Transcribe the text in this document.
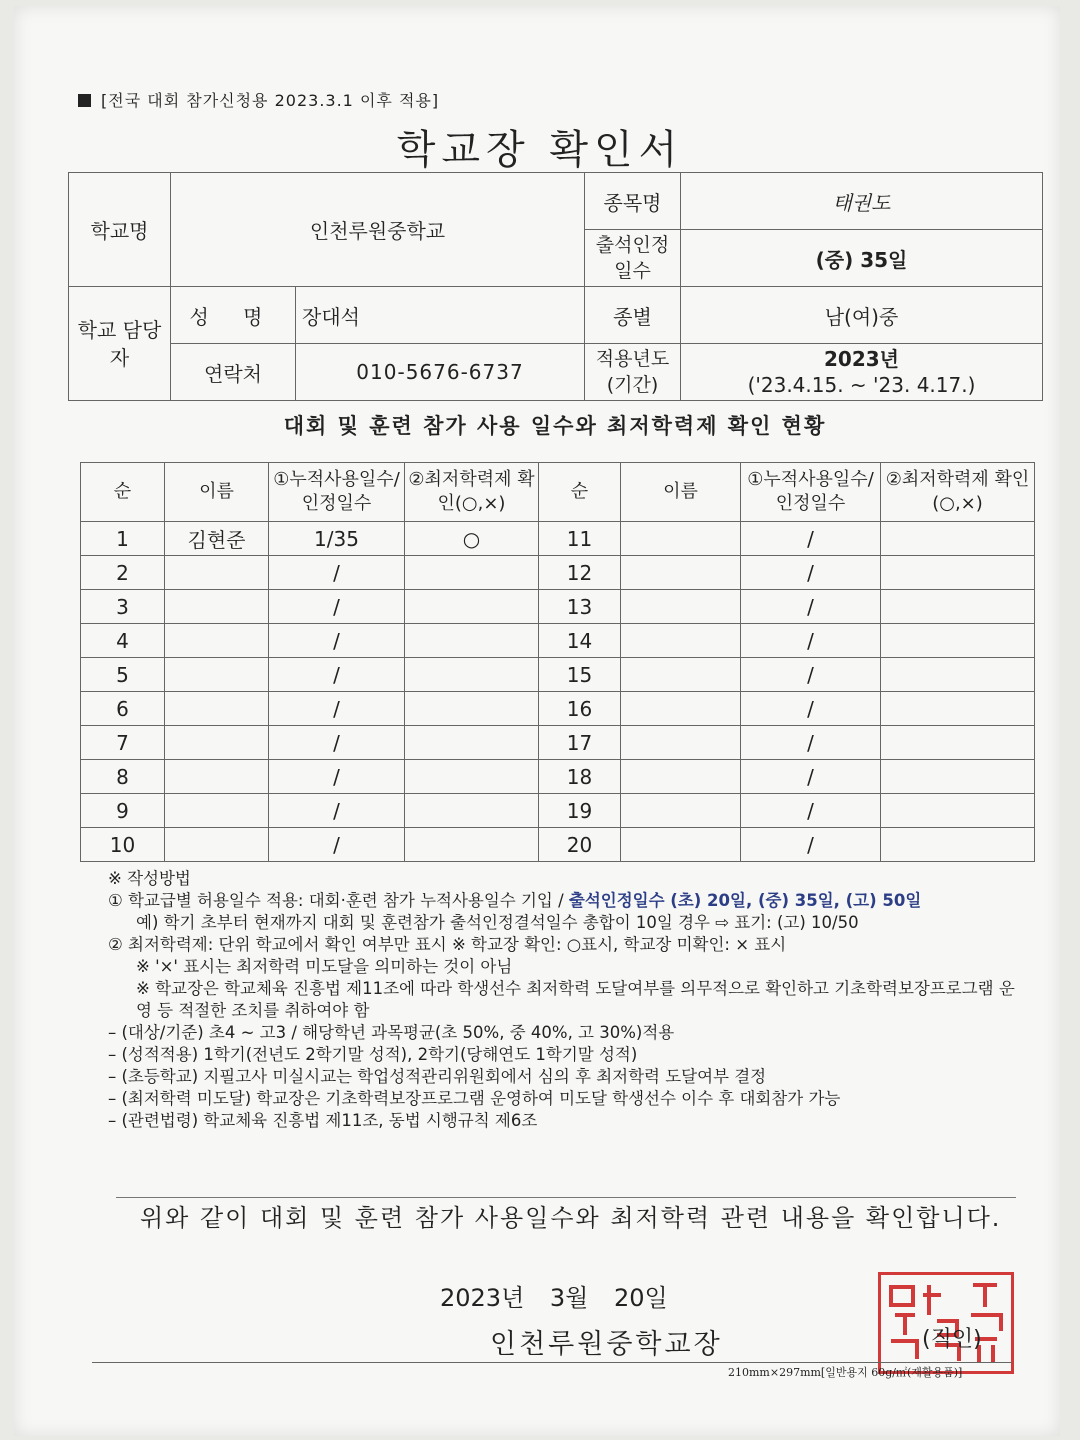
[전국 대회 참가신청용 2023.3.1 이후 적용]
학교장 확인서
학교명	인천루원중학교		종목명	태권도
			출석인정 일수	(중) 35일
학교 담당자	성 명	장대석	종별	남(여)중
	연락처	010-5676-6737	적용년도 (기간)	2023년
('23.4.15. ~ '23. 4.17.)
대회 및 훈련 참가 사용 일수와 최저학력제 확인 현황
순	이름	①누적사용일수/인정일수	②최저학력제 확인(○,×)	순	이름	①누적사용일수/인정일수	②최저학력제 확인(○,×)
1	김현준	1/35	○	11		/	
2		/		12		/	
3		/		13		/	
4		/		14		/	
5		/		15		/	
6		/		16		/	
7		/		17		/	
8		/		18		/	
9		/		19		/	
10		/		20		/	

※ 작성방법

① 학교급별 허용일수 적용: 대회·훈련 참가 누적사용일수 기입 / 출석인정일수 (초) 20일, (중) 35일, (고) 50일

예) 학기 초부터 현재까지 대회 및 훈련참가 출석인정결석일수 총합이 10일 경우 ⇨ 표기: (고) 10/50

② 최저학력제: 단위 학교에서 확인 여부만 표시 ※ 학교장 확인: ○표시, 학교장 미확인: × 표시

※ '×' 표시는 최저학력 미도달을 의미하는 것이 아님

※ 학교장은 학교체육 진흥법 제11조에 따라 학생선수 최저학력 도달여부를 의무적으로 확인하고 기초학력보장프로그램 운영 등 적절한 조치를 취하여야 함

– (대상/기준) 초4 ~ 고3 / 해당학년 과목평균(초 50%, 중 40%, 고 30%)적용

– (성적적용) 1학기(전년도 2학기말 성적), 2학기(당해연도 1학기말 성적)

– (초등학교) 지필고사 미실시교는 학업성적관리위원회에서 심의 후 최저학력 도달여부 결정

– (최저학력 미도달) 학교장은 기초학력보장프로그램 운영하여 미도달 학생선수 이수 후 대회참가 가능

– (관련법령) 학교체육 진흥법 제11조, 동법 시행규칙 제6조

위와 같이 대회 및 훈련 참가 사용일수와 최저학력 관련 내용을 확인합니다.
2023년 3월 20일
인천루원중학교장	(직인)
210mm×297mm[일반용지 60g/㎡(재활용품)]
